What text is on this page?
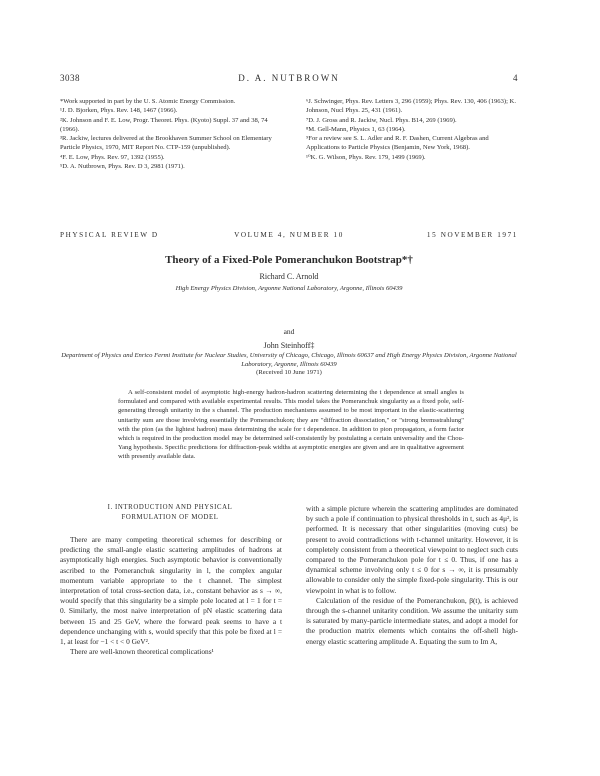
3038	D. A. NUTBROWN	4

*Work supported in part by the U. S. Atomic Energy Commission.

¹J. D. Bjorken, Phys. Rev. 148, 1467 (1966).

²K. Johnson and F. E. Low, Progr. Theoret. Phys. (Kyoto) Suppl. 37 and 38, 74 (1966).

³R. Jackiw, lectures delivered at the Brookhaven Summer School on Elementary Particle Physics, 1970, MIT Report No. CTP-159 (unpublished).

⁴F. E. Low, Phys. Rev. 97, 1392 (1955).

⁵D. A. Nutbrown, Phys. Rev. D 3, 2981 (1971).

⁶J. Schwinger, Phys. Rev. Letters 3, 296 (1959); Phys. Rev. 130, 406 (1963); K. Johnson, Nucl Phys. 25, 431 (1961).

⁷D. J. Gross and R. Jackiw, Nucl. Phys. B14, 269 (1969).

⁸M. Gell-Mann, Physics 1, 63 (1964).

⁹For a review see S. L. Adler and R. F. Dashen, Current Algebras and Applications to Particle Physics (Benjamin, New York, 1968).

¹⁰K. G. Wilson, Phys. Rev. 179, 1499 (1969).

PHYSICAL REVIEW D	VOLUME 4, NUMBER 10	15 NOVEMBER 1971
Theory of a Fixed-Pole Pomeranchukon Bootstrap*†
Richard C. Arnold
High Energy Physics Division, Argonne National Laboratory, Argonne, Illinois 60439
and
John Steinhoff‡
Department of Physics and Enrico Fermi Institute for Nuclear Studies, University of Chicago, Chicago, Illinois 60637 and High Energy Physics Division, Argonne National Laboratory, Argonne, Illinois 60439
(Received 10 June 1971)

A self-consistent model of asymptotic high-energy hadron-hadron scattering determining the t dependence at small angles is formulated and compared with available experimental results. This model takes the Pomeranchuk singularity as a fixed pole, self-generating through unitarity in the s channel. The production mechanisms assumed to be most important in the elastic-scattering unitarity sum are those involving essentially the Pomeranchukon; they are "diffraction dissociation," or "strong bremsstrahlung" with the pion (as the lightest hadron) mass determining the scale for t dependence. In addition to pion propagators, a form factor which is required in the production model may be determined self-consistently by postulating a certain universality and the Chou-Yang hypothesis. Specific predictions for diffraction-peak widths at asymptotic energies are given and are in qualitative agreement with presently available data.

I. INTRODUCTION AND PHYSICAL
FORMULATION OF MODEL

There are many competing theoretical schemes for describing or predicting the small-angle elastic scattering amplitudes of hadrons at asymptotically high energies. Such asymptotic behavior is conventionally ascribed to the Pomeranchuk singularity in l, the complex angular momentum variable appropriate to the t channel. The simplest interpretation of total cross-section data, i.e., constant behavior as s → ∞, would specify that this singularity be a simple pole located at l = 1 for t = 0. Similarly, the most naive interpretation of pN elastic scattering data between 15 and 25 GeV, where the forward peak seems to have a t dependence unchanging with s, would specify that this pole be fixed at l = 1, at least for −1 < t < 0 GeV².

There are well-known theoretical complications¹

with a simple picture wherein the scattering amplitudes are dominated by such a pole if continuation to physical thresholds in t, such as 4μ², is performed. It is necessary that other singularities (moving cuts) be present to avoid contradictions with t-channel unitarity. However, it is completely consistent from a theoretical viewpoint to neglect such cuts compared to the Pomeranchukon pole for t ≤ 0. Thus, if one has a dynamical scheme involving only t ≤ 0 for s → ∞, it is presumably allowable to consider only the simple fixed-pole singularity. This is our viewpoint in what is to follow.

Calculation of the residue of the Pomeranchukon, β(t), is achieved through the s-channel unitarity condition. We assume the unitarity sum is saturated by many-particle intermediate states, and adopt a model for the production matrix elements which contains the off-shell high-energy elastic scattering amplitude A. Equating the sum to Im A,
